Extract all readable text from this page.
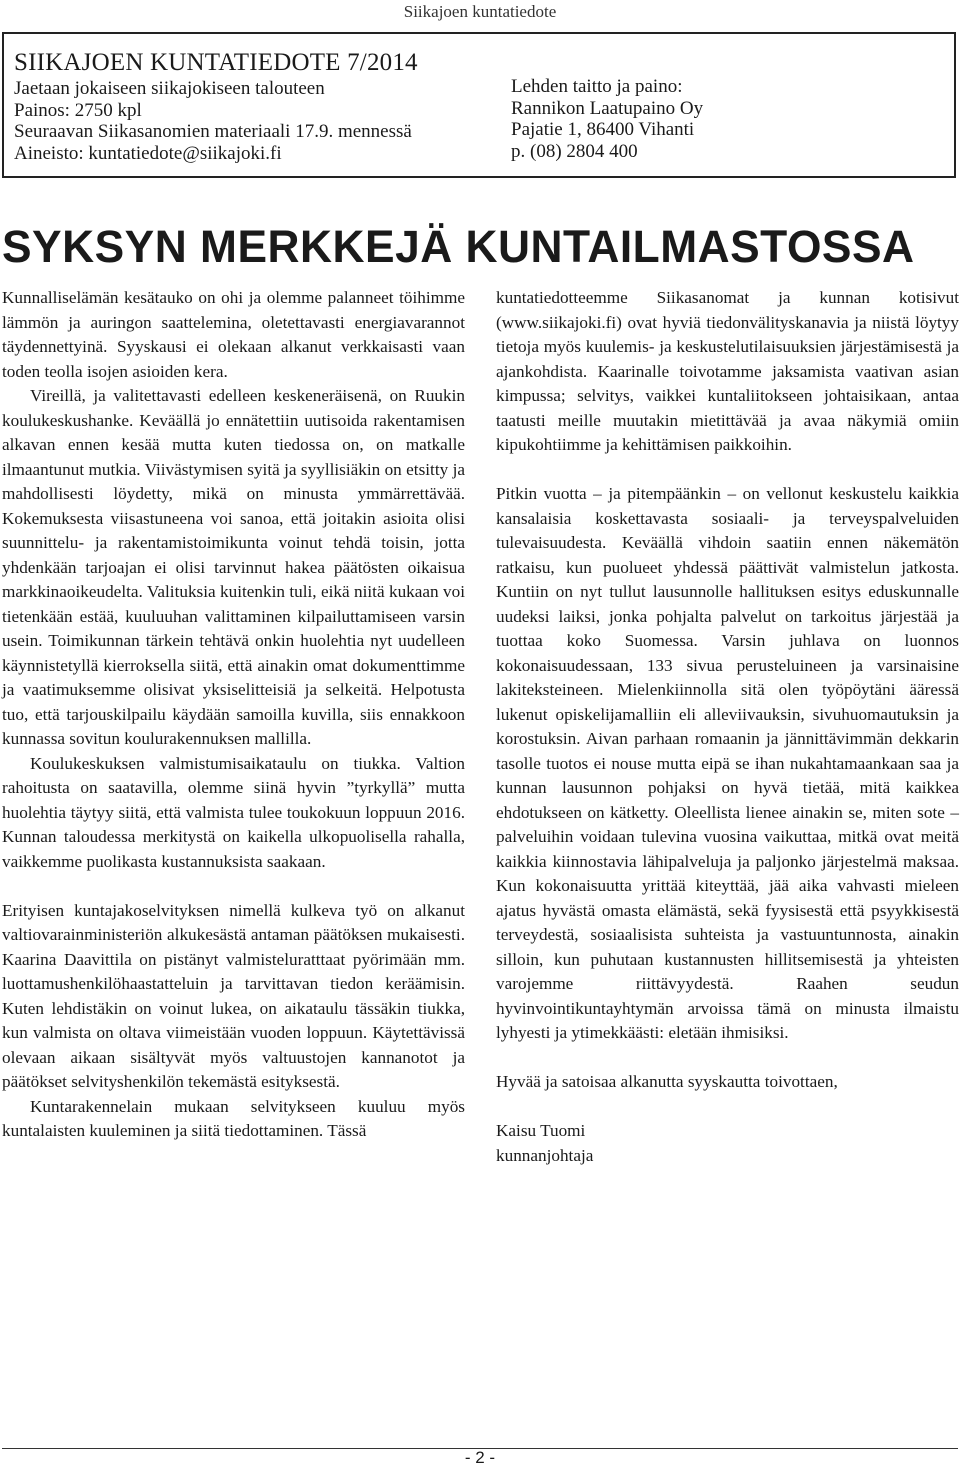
Siikajoen kuntatiedote
SIIKAJOEN KUNTATIEDOTE 7/2014
Jaetaan jokaiseen siikajokiseen talouteen
Painos: 2750 kpl
Seuraavan Siikasanomien materiaali 17.9. mennessä
Aineisto: kuntatiedote@siikajoki.fi
Lehden taitto ja paino:
Rannikon Laatupaino Oy
Pajatie 1, 86400 Vihanti
p. (08) 2804 400
SYKSYN MERKKEJÄ KUNTAILMASTOSSA

Kunnalliselämän kesätauko on ohi ja olemme palanneet töihimme lämmön ja auringon saattelemina, oletettavasti energiavarannot täydennettyinä. Syyskausi ei olekaan alkanut verkkaisasti vaan toden teolla isojen asioiden kera.

Vireillä, ja valitettavasti edelleen keskeneräisenä, on Ruukin koulukeskushanke. Keväällä jo ennätettiin uutisoida rakentamisen alkavan ennen kesää mutta kuten tiedossa on, on matkalle ilmaantunut mutkia. Viivästymisen syitä ja syyllisiäkin on etsitty ja mahdollisesti löydetty, mikä on minusta ymmärrettävää. Kokemuksesta viisastuneena voi sanoa, että joitakin asioita olisi suunnittelu- ja rakentamistoimikunta voinut tehdä toisin, jotta yhdenkään tarjoajan ei olisi tarvinnut hakea päätösten oikaisua markkinaoikeudelta. Valituksia kuitenkin tuli, eikä niitä kukaan voi tietenkään estää, kuuluuhan valittaminen kilpailuttamiseen varsin usein. Toimikunnan tärkein tehtävä onkin huolehtia nyt uudelleen käynnistetyllä kierroksella siitä, että ainakin omat dokumenttimme ja vaatimuksemme olisivat yksiselitteisiä ja selkeitä. Helpotusta tuo, että tarjouskilpailu käydään samoilla kuvilla, siis ennakkoon kunnassa sovitun koulurakennuksen mallilla.

Koulukeskuksen valmistumisaikataulu on tiukka. Valtion rahoitusta on saatavilla, olemme siinä hyvin ”tyrkyllä” mutta huolehtia täytyy siitä, että valmista tulee toukokuun loppuun 2016. Kunnan taloudessa merkitystä on kaikella ulkopuolisella rahalla, vaikkemme puolikasta kustannuksista saakaan.

Erityisen kuntajakoselvityksen nimellä kulkeva työ on alkanut valtiovarainministeriön alkukesästä antaman päätöksen mukaisesti. Kaarina Daavittila on pistänyt valmisteluratttaat pyörimään mm. luottamushenkilöhaastatteluin ja tarvittavan tiedon keräämisin. Kuten lehdistäkin on voinut lukea, on aikataulu tässäkin tiukka, kun valmista on oltava viimeistään vuoden loppuun. Käytettävissä olevaan aikaan sisältyvät myös valtuustojen kannanotot ja päätökset selvityshenkilön tekemästä esityksestä.

Kuntarakennelain mukaan selvitykseen kuuluu myös kuntalaisten kuuleminen ja siitä tiedottaminen. Tässä

kuntatiedotteemme Siikasanomat ja kunnan kotisivut (www.siikajoki.fi) ovat hyviä tiedonvälityskanavia ja niistä löytyy tietoja myös kuulemis- ja keskustelutilaisuuksien järjestämisestä ja ajankohdista. Kaarinalle toivotamme jaksamista vaativan asian kimpussa; selvitys, vaikkei kuntaliitokseen johtaisikaan, antaa taatusti meille muutakin mietittävää ja avaa näkymiä omiin kipukohtiimme ja kehittämisen paikkoihin.

Pitkin vuotta – ja pitempäänkin – on vellonut keskustelu kaikkia kansalaisia koskettavasta sosiaali- ja terveyspalveluiden tulevaisuudesta. Keväällä vihdoin saatiin ennen näkemätön ratkaisu, kun puolueet yhdessä päättivät valmistelun jatkosta. Kuntiin on nyt tullut lausunnolle hallituksen esitys eduskunnalle uudeksi laiksi, jonka pohjalta palvelut on tarkoitus järjestää ja tuottaa koko Suomessa. Varsin juhlava on luonnos kokonaisuudessaan, 133 sivua perusteluineen ja varsinaisine lakiteksteineen. Mielenkiinnolla sitä olen työpöytäni ääressä lukenut opiskelijamalliin eli alleviivauksin, sivuhuomautuksin ja korostuksin. Aivan parhaan romaanin ja jännittävimmän dekkarin tasolle tuotos ei nouse mutta eipä se ihan nukahtamaankaan saa ja kunnan lausunnon pohjaksi on hyvä tietää, mitä kaikkea ehdotukseen on kätketty. Oleellista lienee ainakin se, miten sote –palveluihin voidaan tulevina vuosina vaikuttaa, mitkä ovat meitä kaikkia kiinnostavia lähipalveluja ja paljonko järjestelmä maksaa. Kun kokonaisuutta yrittää kiteyttää, jää aika vahvasti mieleen ajatus hyvästä omasta elämästä, sekä fyysisestä että psyykkisestä terveydestä, sosiaalisista suhteista ja vastuuntunnosta, ainakin silloin, kun puhutaan kustannusten hillitsemisestä ja yhteisten varojemme riittävyydestä. Raahen seudun hyvinvointikuntayhtymän arvoissa tämä on minusta ilmaistu lyhyesti ja ytimekkäästi: eletään ihmisiksi.

Hyvää ja satoisaa alkanutta syyskautta toivottaen,

Kaisu Tuomi

kunnanjohtaja

- 2 -
